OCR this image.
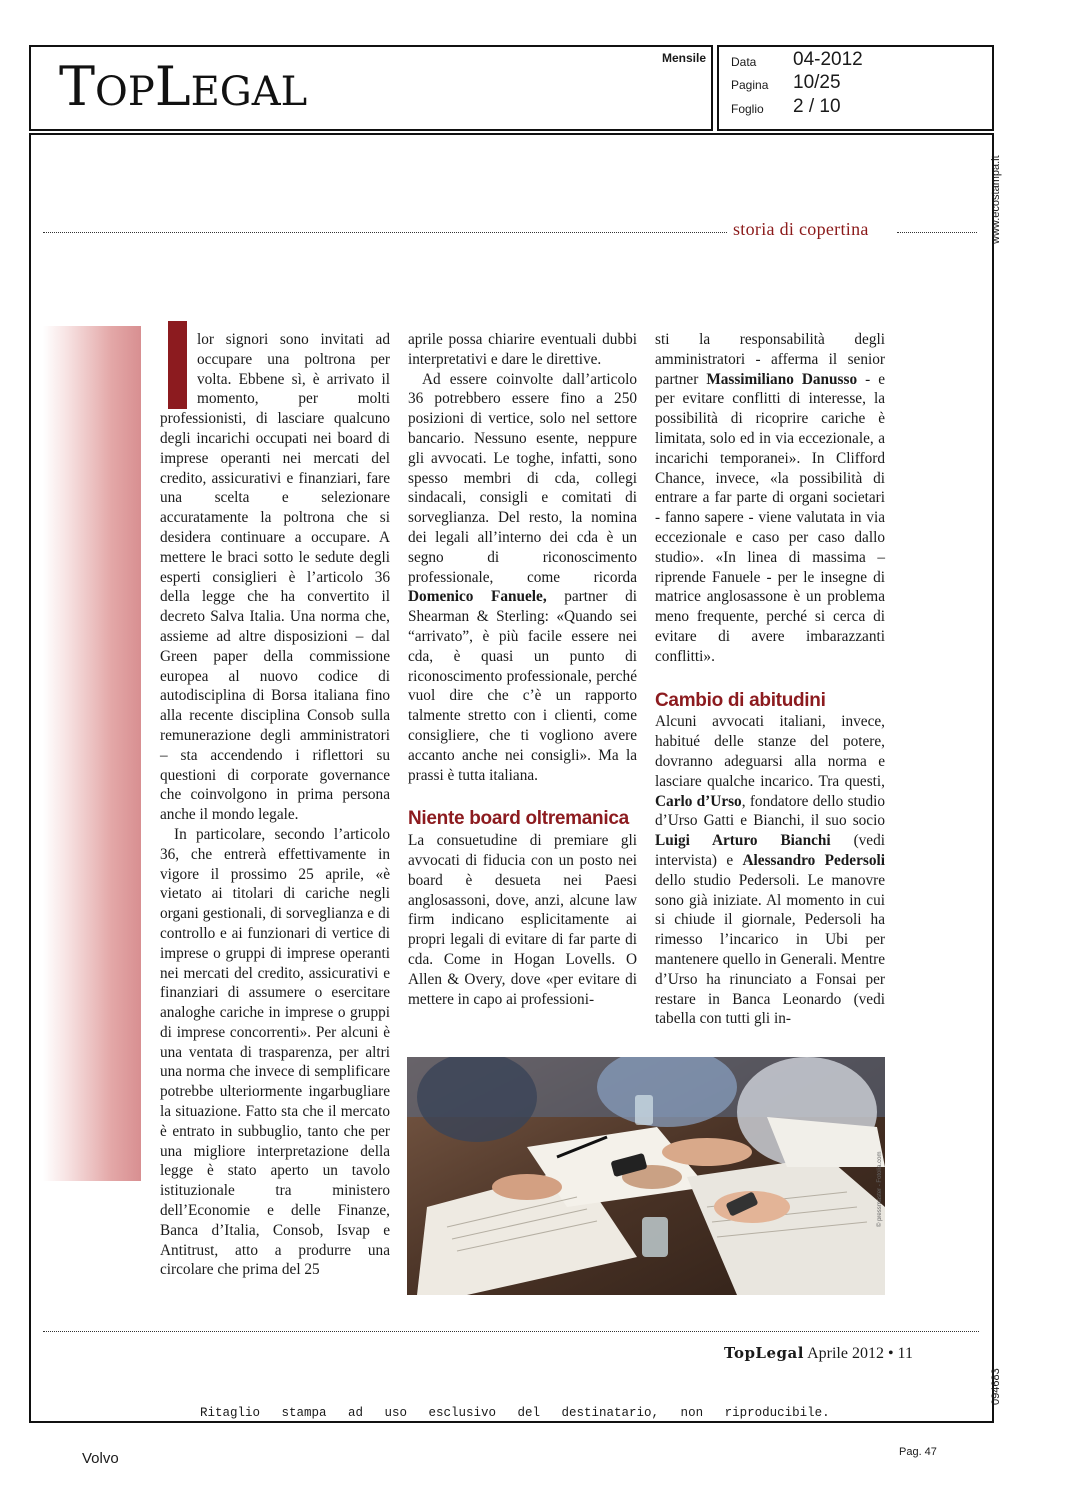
TOPLEGAL
Mensile Data 04-2012
Pagina 10/25
Foglio 2 / 10
www.ecostampa.it
094683
storia di copertina

lor signori sono invitati ad occupare una poltrona per volta. Ebbene sì, è arrivato il momento, per molti professionisti, di lasciare qualcuno degli incarichi occupati nei board di imprese operanti nei mercati del credito, assicurativi e finanziari, fare una scelta e selezionare accuratamente la poltrona che si desidera continuare a occupare. A mettere le braci sotto le sedute degli esperti consiglieri è l’articolo 36 della legge che ha convertito il decreto Salva Italia. Una norma che, assieme ad altre disposizioni – dal Green paper della commissione europea al nuovo codice di autodisciplina di Borsa italiana fino alla recente disciplina Consob sulla remunerazione degli amministratori – sta accendendo i riflettori su questioni di corporate governance che coinvolgono in prima persona anche il mondo legale.

In particolare, secondo l’articolo 36, che entrerà effettivamente in vigore il prossimo 25 aprile, «è vietato ai titolari di cariche negli organi gestionali, di sorveglianza e di controllo e ai funzionari di vertice di imprese o gruppi di imprese operanti nei mercati del credito, assicurativi e finanziari di assumere o esercitare analoghe cariche in imprese o gruppi di imprese concorrenti». Per alcuni è una ventata di trasparenza, per altri una norma che invece di semplificare potrebbe ulteriormente ingarbugliare la situazione. Fatto sta che il mercato è entrato in subbuglio, tanto che per una migliore interpretazione della legge è stato aperto un tavolo istituzionale tra ministero dell’Economie e delle Finanze, Banca d’Italia, Consob, Isvap e Antitrust, atto a produrre una circolare che prima del 25

aprile possa chiarire eventuali dubbi interpretativi e dare le direttive.

Ad essere coinvolte dall’articolo 36 potrebbero essere fino a 250 posizioni di vertice, solo nel settore bancario. Nessuno esente, neppure gli avvocati. Le toghe, infatti, sono spesso membri di cda, collegi sindacali, consigli e comitati di sorveglianza. Del resto, la nomina dei legali all’interno dei cda è un segno di riconoscimento professionale, come ricorda Domenico Fanuele, partner di Shearman & Sterling: «Quando sei “arrivato”, è più facile essere nei cda, è quasi un punto di riconoscimento professionale, perché vuol dire che c’è un rapporto talmente stretto con i clienti, come consigliere, che ti vogliono avere accanto anche nei consigli». Ma la prassi è tutta italiana.

Niente board oltremanica

La consuetudine di premiare gli avvocati di fiducia con un posto nei board è desueta nei Paesi anglosassoni, dove, anzi, alcune law firm indicano esplicitamente ai propri legali di evitare di far parte di cda. Come in Hogan Lovells. O Allen & Overy, dove «per evitare di mettere in capo ai professioni-

sti la responsabilità degli amministratori - afferma il senior partner Massimiliano Danusso - e per evitare conflitti di interesse, la possibilità di ricoprire cariche è limitata, solo ed in via eccezionale, a incarichi temporanei». In Clifford Chance, invece, «la possibilità di entrare a far parte di organi societari - fanno sapere - viene valutata in via eccezionale e caso per caso dallo studio». «In linea di massima – riprende Fanuele - per le insegne di matrice anglosassone è un problema meno frequente, perché si cerca di evitare di avere imbarazzanti conflitti».

Cambio di abitudini

Alcuni avvocati italiani, invece, habitué delle stanze del potere, dovranno adeguarsi alla norma e lasciare qualche incarico. Tra questi, Carlo d’Urso, fondatore dello studio d’Urso Gatti e Bianchi, il suo socio Luigi Arturo Bianchi (vedi intervista) e Alessandro Pedersoli dello studio Pedersoli. Le manovre sono già iniziate. Al momento in cui si chiude il giornale, Pedersoli ha rimesso l’incarico in Ubi per mantenere quello in Generali. Mentre d’Urso ha rinunciato a Fonsai per restare in Banca Leonardo (vedi tabella con tutti gli in-

© pressmaster - Fotolia.com
TopLegal Aprile 2012 • 11
Ritaglio stampa ad uso esclusivo del destinatario, non riproducibile.
Volvo	Pag. 47
